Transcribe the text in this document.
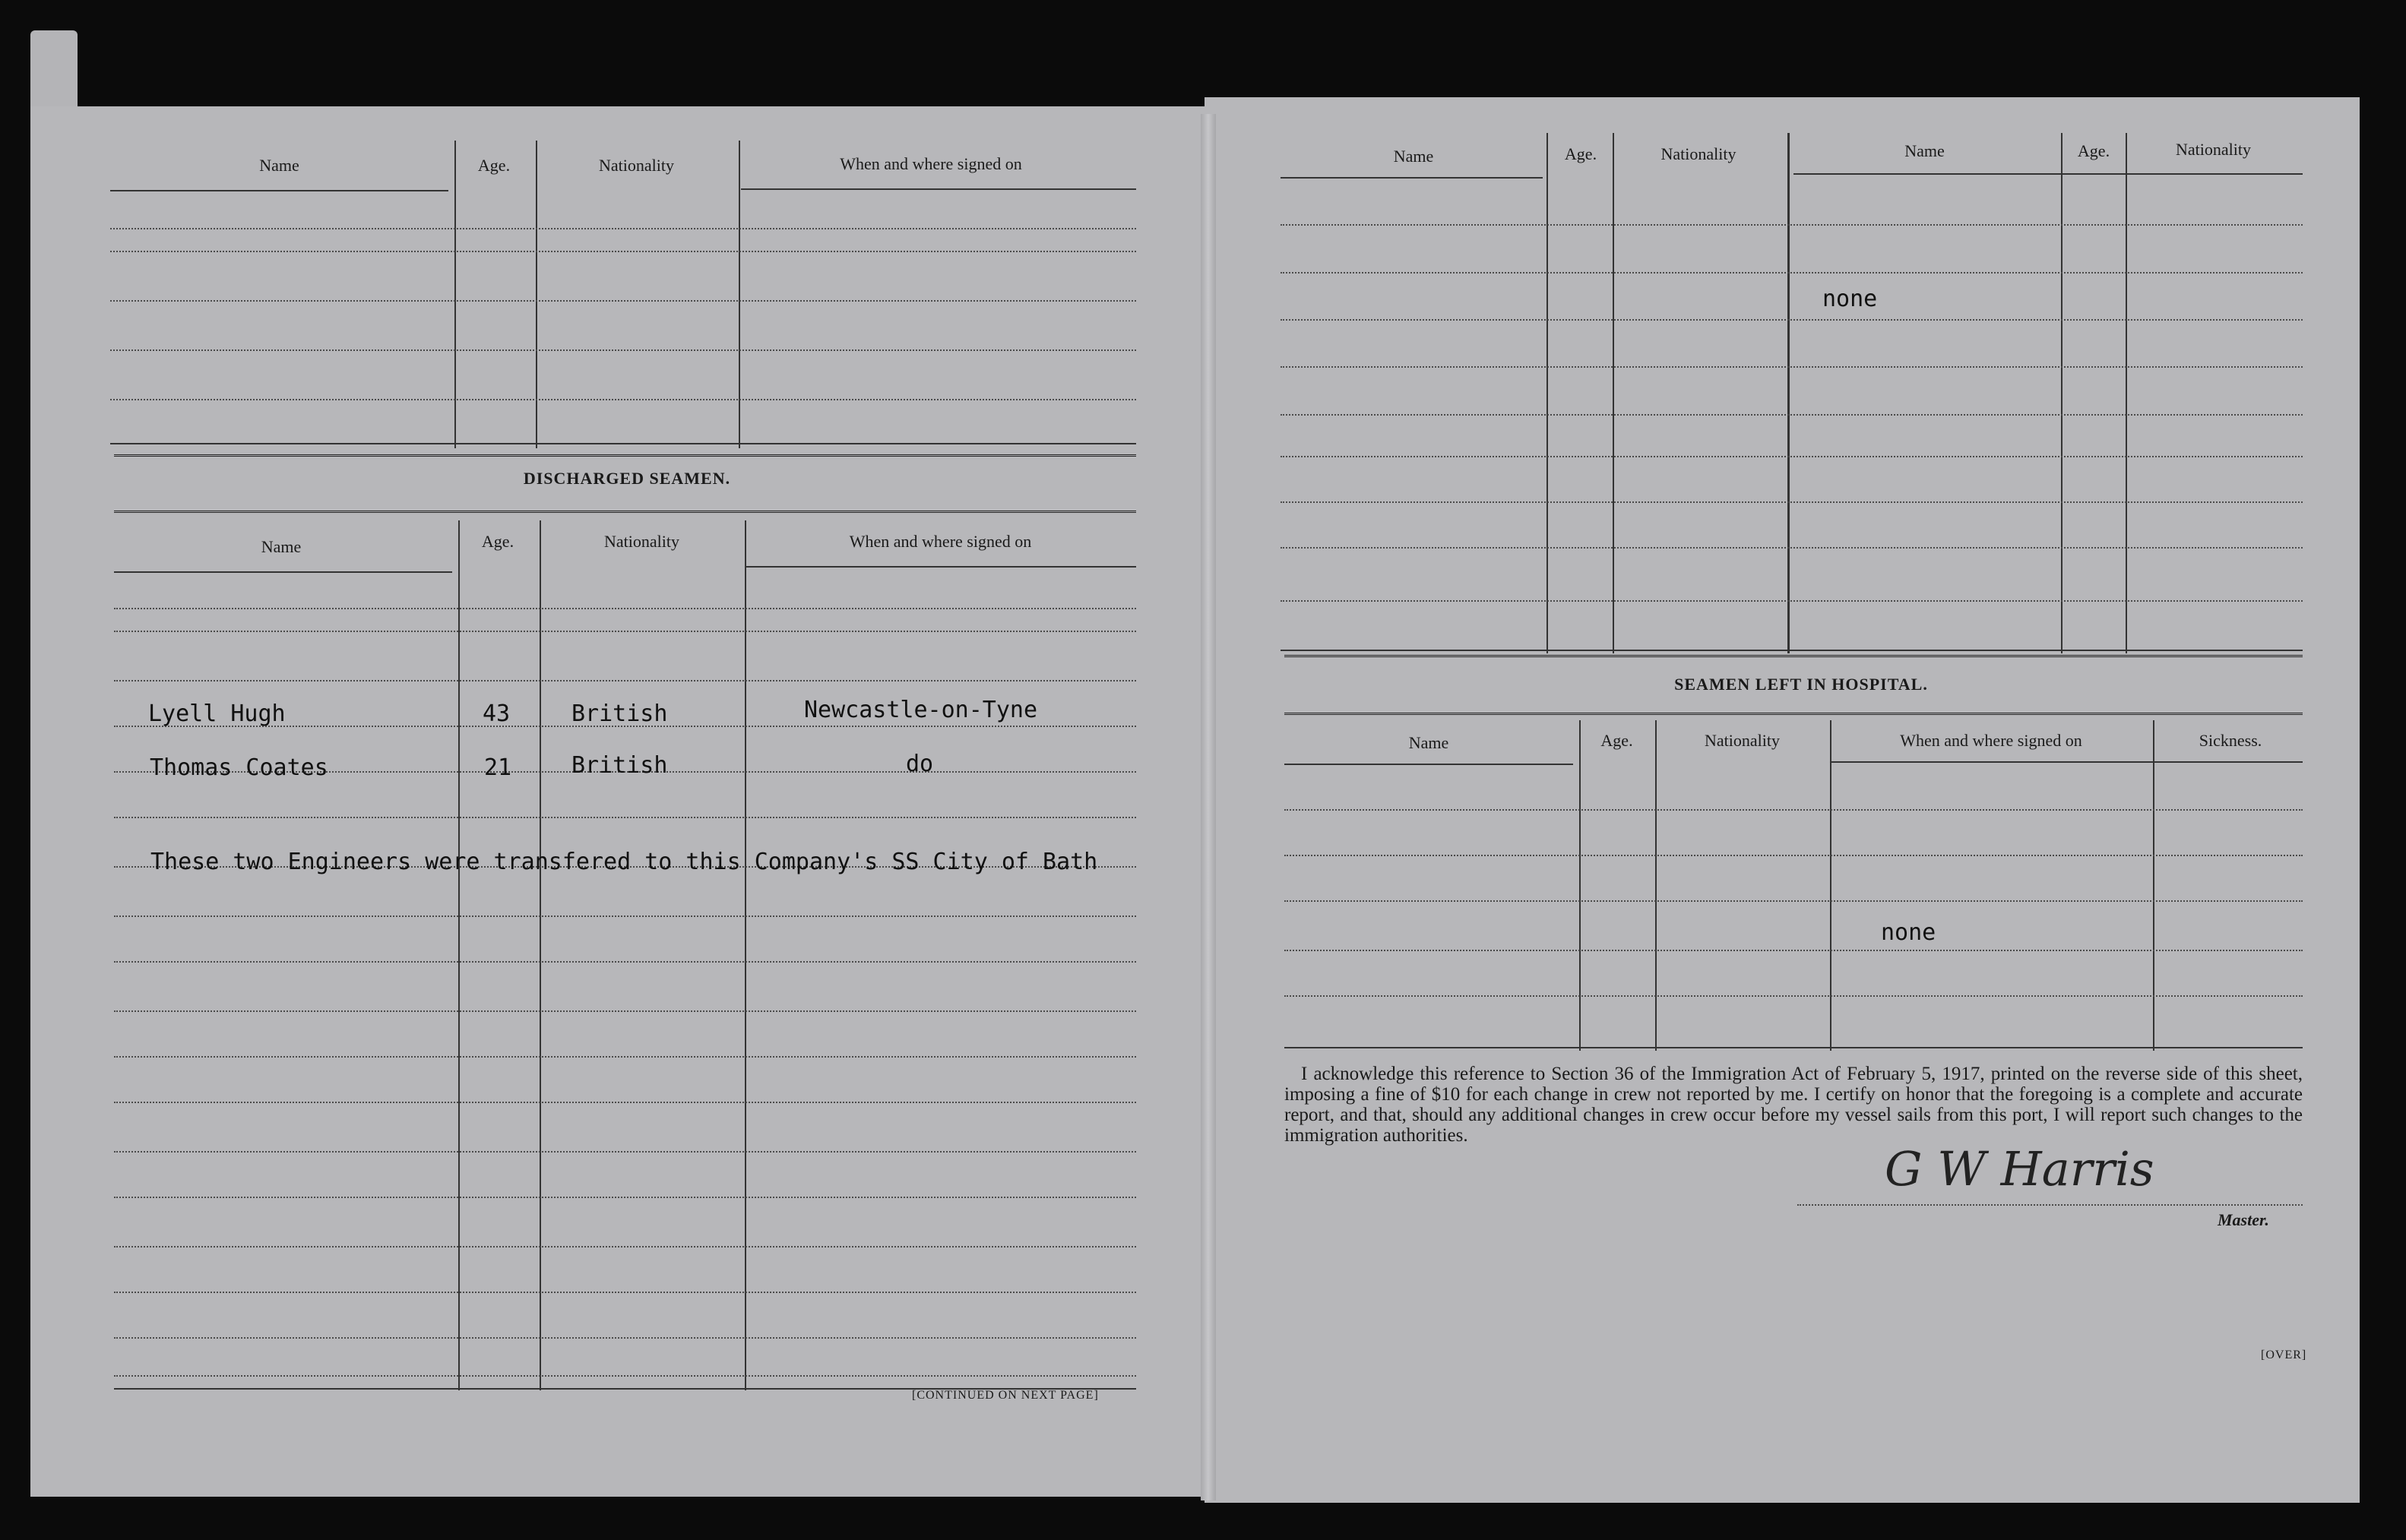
Name	Age.	Nationality	When and where signed on
DISCHARGED SEAMEN.
Name	Age.	Nationality	When and where signed on
Lyell Hugh	43	British	Newcastle-on-Tyne
Thomas Coates	21	British	do
These two Engineers were transfered to this Company's SS City of Bath
[CONTINUED ON NEXT PAGE]
Name	Age.	Nationality	Name	Age.	Nationality
none
SEAMEN LEFT IN HOSPITAL.
Name	Age.	Nationality	When and where signed on	Sickness.
none
I acknowledge this reference to Section 36 of the Immigration Act of February 5, 1917, printed on the reverse side of this sheet, imposing a fine of $10 for each change in crew not reported by me. I certify on honor that the foregoing is a complete and accurate report, and that, should any additional changes in crew occur before my vessel sails from this port, I will report such changes to the immigration authorities.
G W Harris
Master.
[OVER]
